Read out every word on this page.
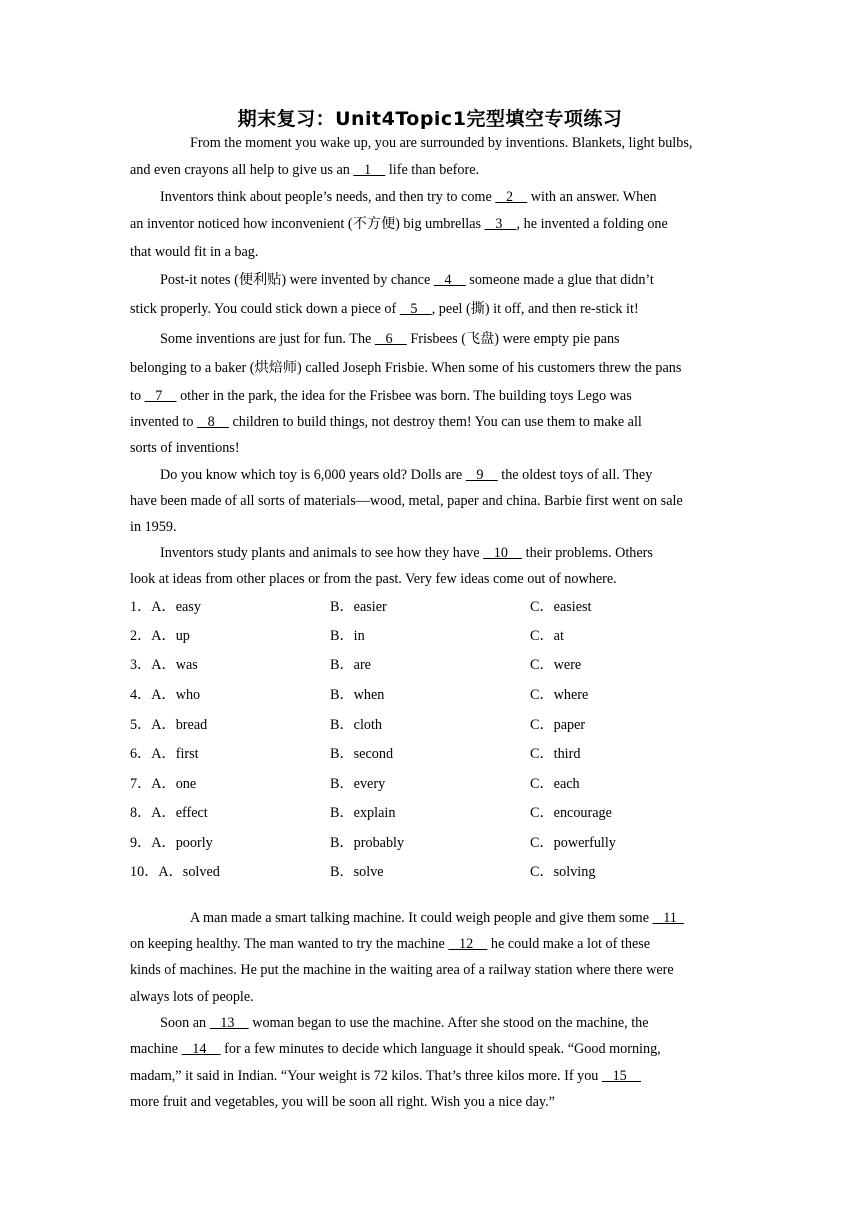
期末复习：Unit4Topic1完型填空专项练习
From the moment you wake up, you are surrounded by inventions. Blankets, light bulbs,
and even crayons all help to give us an    1     life than before.
Inventors think about people’s needs, and then try to come    2     with an answer. When
an inventor noticed how inconvenient (不方便) big umbrellas    3    , he invented a folding one
that would fit in a bag.
Post-it notes (便利贴) were invented by chance    4     someone made a glue that didn’t
stick properly. You could stick down a piece of    5    , peel (撕) it off, and then re-stick it!
Some inventions are just for fun. The    6     Frisbees (飞盘) were empty pie pans
belonging to a baker (烘焙师) called Joseph Frisbie. When some of his customers threw the pans
to    7     other in the park, the idea for the Frisbee was born. The building toys Lego was
invented to    8     children to build things, not destroy them! You can use them to make all
sorts of inventions!
Do you know which toy is 6,000 years old? Dolls are    9     the oldest toys of all. They
have been made of all sorts of materials—wood, metal, paper and china. Barbie first went on sale
in 1959.
Inventors study plants and animals to see how they have    10     their problems. Others
look at ideas from other places or from the past. Very few ideas come out of nowhere.
1．A．easy	B．easier	C．easiest
2．A．up	B．in	C．at
3．A．was	B．are	C．were
4．A．who	B．when	C．where
5．A．bread	B．cloth	C．paper
6．A．first	B．second	C．third
7．A．one	B．every	C．each
8．A．effect	B．explain	C．encourage
9．A．poorly	B．probably	C．powerfully
10．A．solved	B．solve	C．solving
A man made a smart talking machine. It could weigh people and give them some    11
on keeping healthy. The man wanted to try the machine    12     he could make a lot of these
kinds of machines. He put the machine in the waiting area of a railway station where there were
always lots of people.
Soon an    13     woman began to use the machine. After she stood on the machine, the
machine    14     for a few minutes to decide which language it should speak. “Good morning,
madam,” it said in Indian. “Your weight is 72 kilos. That’s three kilos more. If you    15
more fruit and vegetables, you will be soon all right. Wish you a nice day.”
